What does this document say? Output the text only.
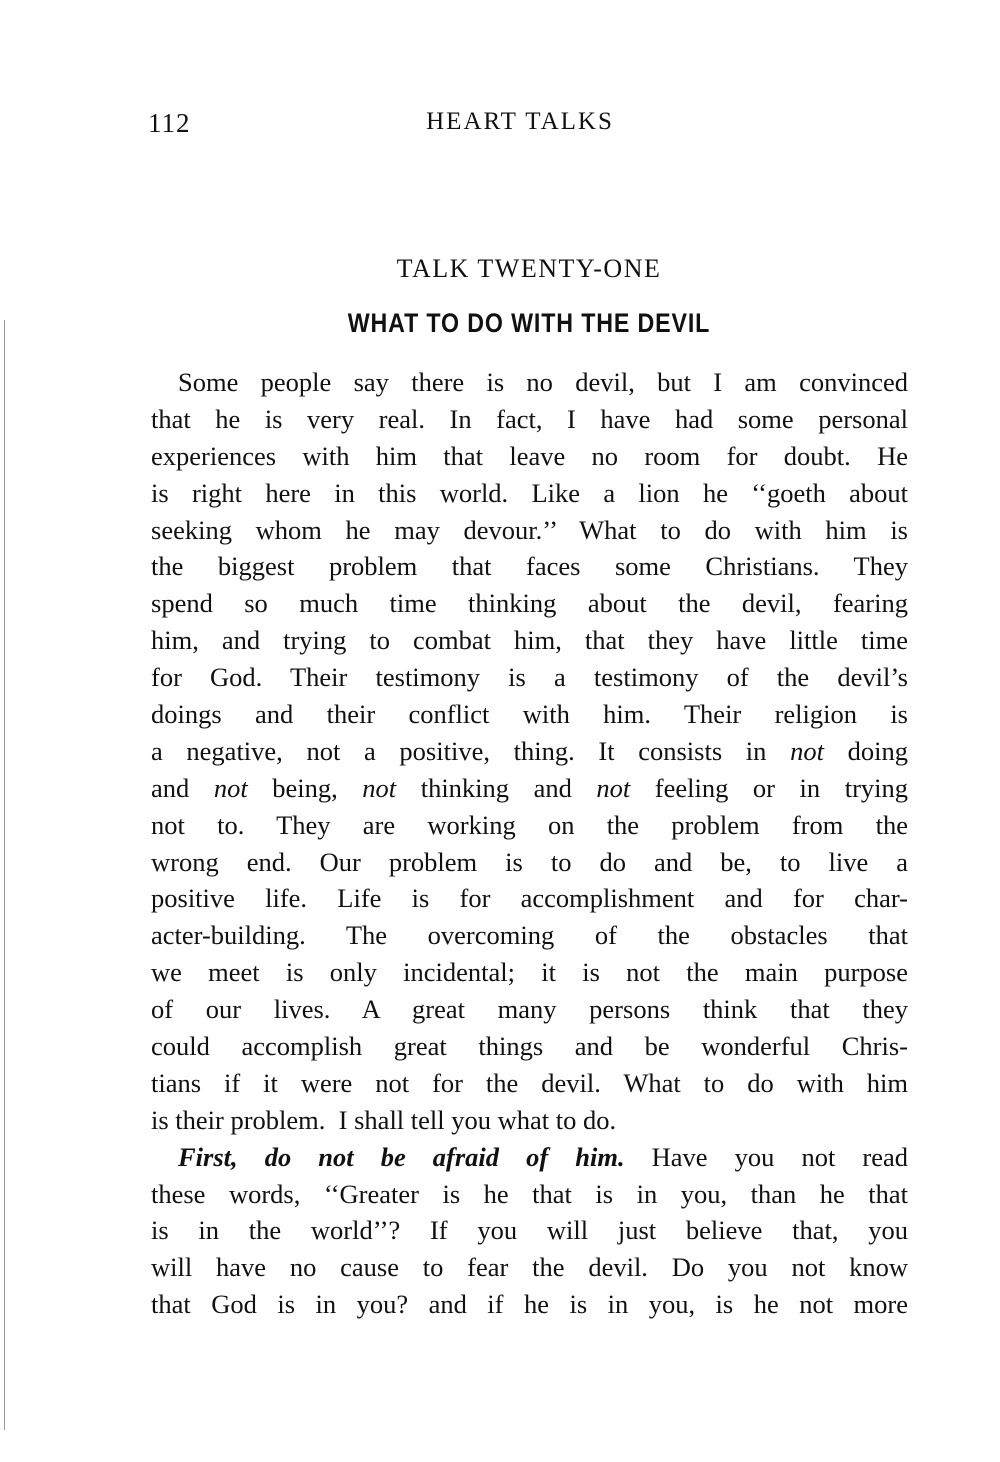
112	HEART TALKS
TALK TWENTY-ONE
WHAT TO DO WITH THE DEVIL
Some people say there is no devil, but I am convinced
that he is very real. In fact, I have had some personal
experiences with him that leave no room for doubt. He
is right here in this world. Like a lion he ‘‘goeth about
seeking whom he may devour.’’ What to do with him is
the biggest problem that faces some Christians. They
spend so much time thinking about the devil, fearing
him, and trying to combat him, that they have little time
for God. Their testimony is a testimony of the devil’s
doings and their conflict with him. Their religion is
a negative, not a positive, thing. It consists in not doing
and not being, not thinking and not feeling or in trying
not to. They are working on the problem from the
wrong end. Our problem is to do and be, to live a
positive life. Life is for accomplishment and for char-
acter-building. The overcoming of the obstacles that
we meet is only incidental; it is not the main purpose
of our lives. A great many persons think that they
could accomplish great things and be wonderful Chris-
tians if it were not for the devil. What to do with him
is their problem.  I shall tell you what to do.
First, do not be afraid of him. Have you not read
these words, ‘‘Greater is he that is in you, than he that
is in the world’’? If you will just believe that, you
will have no cause to fear the devil. Do you not know
that God is in you? and if he is in you, is he not more
